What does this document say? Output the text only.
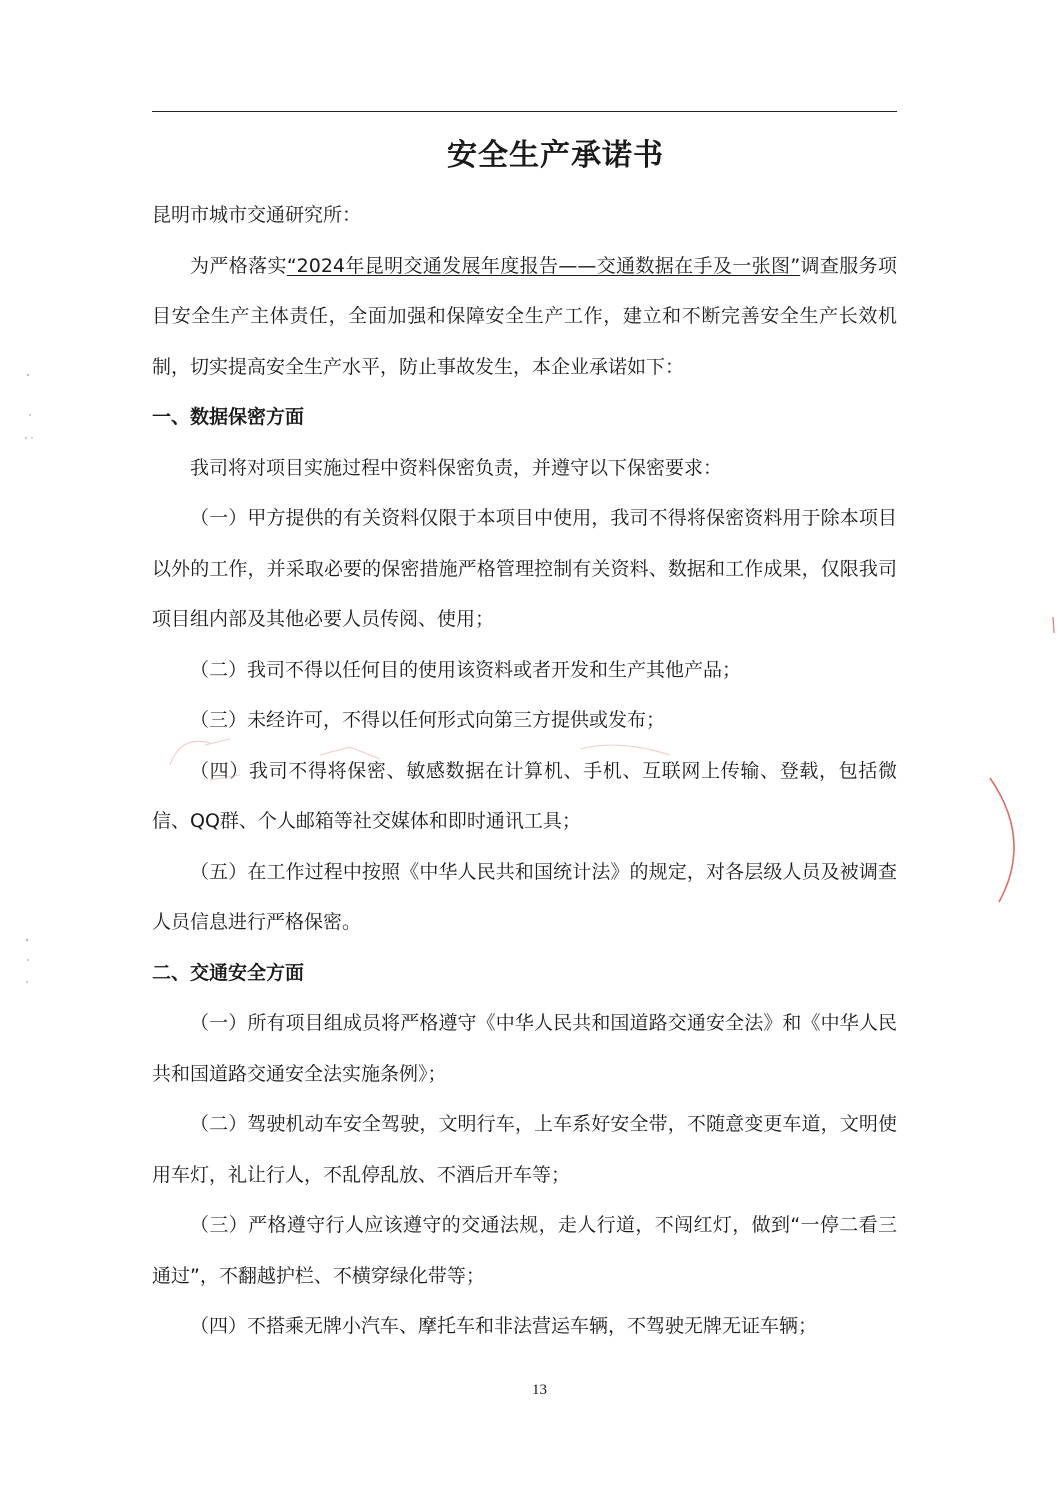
安全生产承诺书

昆明市城市交通研究所：

为严格落实“2024年昆明交通发展年度报告——交通数据在手及一张图”调查服务项目安全生产主体责任，全面加强和保障安全生产工作，建立和不断完善安全生产长效机制，切实提高安全生产水平，防止事故发生，本企业承诺如下：

一、数据保密方面

我司将对项目实施过程中资料保密负责，并遵守以下保密要求：

（一）甲方提供的有关资料仅限于本项目中使用，我司不得将保密资料用于除本项目以外的工作，并采取必要的保密措施严格管理控制有关资料、数据和工作成果，仅限我司项目组内部及其他必要人员传阅、使用；

（二）我司不得以任何目的使用该资料或者开发和生产其他产品；

（三）未经许可，不得以任何形式向第三方提供或发布；

（四）我司不得将保密、敏感数据在计算机、手机、互联网上传输、登载，包括微信、QQ群、个人邮箱等社交媒体和即时通讯工具；

（五）在工作过程中按照《中华人民共和国统计法》的规定，对各层级人员及被调查人员信息进行严格保密。

二、交通安全方面

（一）所有项目组成员将严格遵守《中华人民共和国道路交通安全法》和《中华人民共和国道路交通安全法实施条例》；

（二）驾驶机动车安全驾驶，文明行车，上车系好安全带，不随意变更车道，文明使用车灯，礼让行人，不乱停乱放、不酒后开车等；

（三）严格遵守行人应该遵守的交通法规，走人行道，不闯红灯，做到“一停二看三通过”，不翻越护栏、不横穿绿化带等；

（四）不搭乘无牌小汽车、摩托车和非法营运车辆，不驾驶无牌无证车辆；

13
